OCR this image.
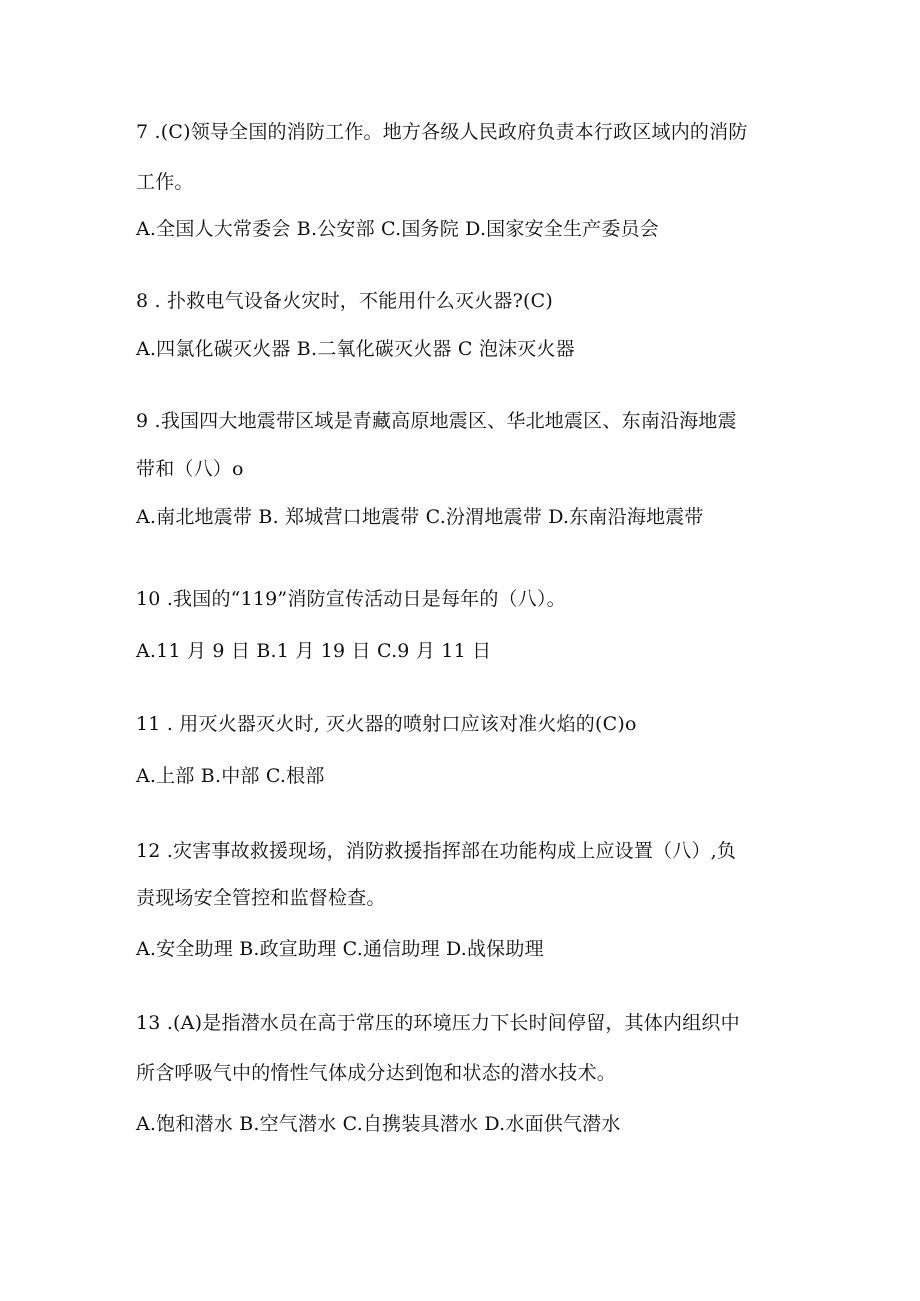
7 .(C)领导全国的消防工作。地方各级人民政府负责本行政区域内的消防
工作。
A.全国人大常委会 B.公安部 C.国务院 D.国家安全生产委员会
8 . 扑救电气设备火灾时，不能用什么灭火器?(C)
A.四氯化碳灭火器 B.二氧化碳灭火器 C 泡沫灭火器
9 .我国四大地震带区域是青藏高原地震区、华北地震区、东南沿海地震
带和（八）o
A.南北地震带 B. 郑城营口地震带 C.汾渭地震带 D.东南沿海地震带
10 .我国的“119”消防宣传活动日是每年的（八）。
A.11 月 9 日 B.1 月 19 日 C.9 月 11 日
11 . 用灭火器灭火时, 灭火器的喷射口应该对准火焰的(C)o
A.上部 B.中部 C.根部
12 .灾害事故救援现场，消防救援指挥部在功能构成上应设置（八）,负
责现场安全管控和监督检查。
A.安全助理 B.政宣助理 C.通信助理 D.战保助理
13 .(A)是指潜水员在高于常压的环境压力下长时间停留，其体内组织中
所含呼吸气中的惰性气体成分达到饱和状态的潜水技术。
A.饱和潜水 B.空气潜水 C.自携装具潜水 D.水面供气潜水
